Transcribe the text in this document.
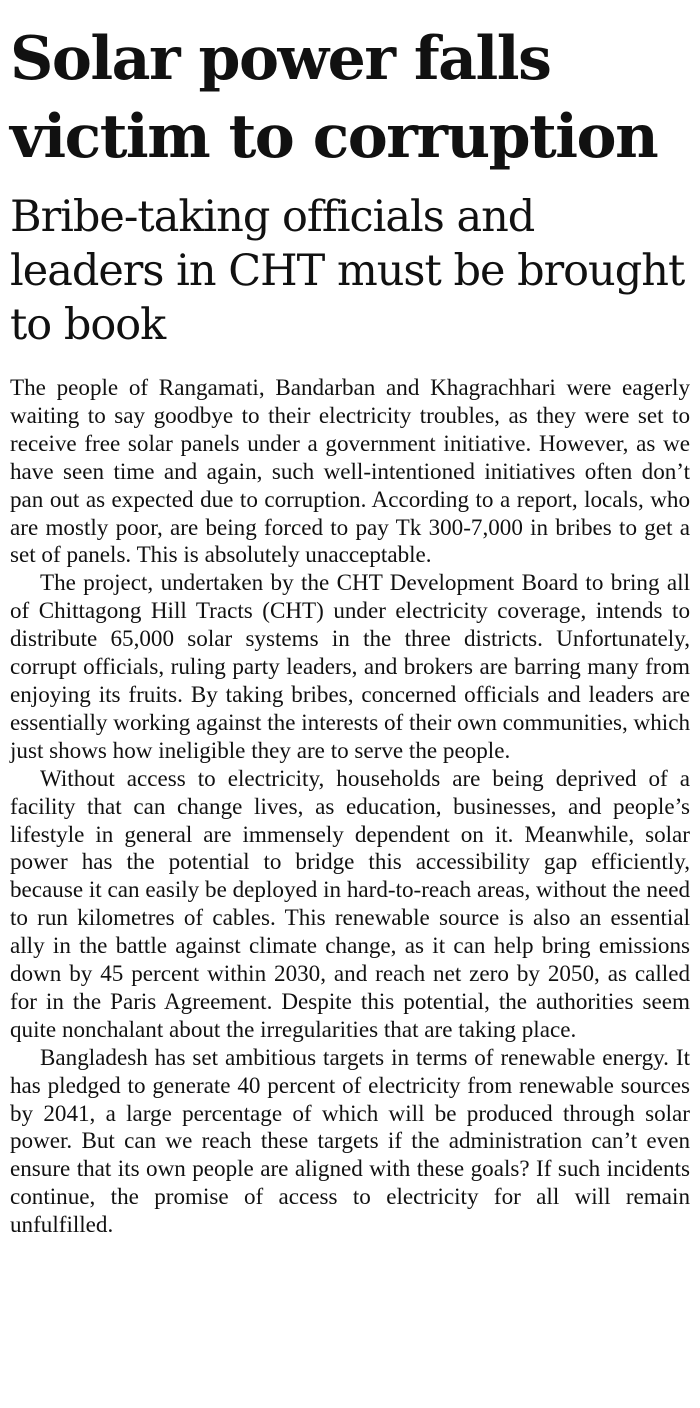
Solar power falls victim to corruption
Bribe-taking officials and leaders in CHT must be brought to book

The people of Rangamati, Bandarban and Khagrachhari were eagerly waiting to say goodbye to their electricity troubles, as they were set to receive free solar panels under a government initiative. However, as we have seen time and again, such well-intentioned initiatives often don’t pan out as expected due to corruption. According to a report, locals, who are mostly poor, are being forced to pay Tk 300-7,000 in bribes to get a set of panels. This is absolutely unacceptable.

The project, undertaken by the CHT Development Board to bring all of Chittagong Hill Tracts (CHT) under electricity coverage, intends to distribute 65,000 solar systems in the three districts. Unfortunately, corrupt officials, ruling party leaders, and brokers are barring many from enjoying its fruits. By taking bribes, concerned officials and leaders are essentially working against the interests of their own communities, which just shows how ineligible they are to serve the people.

Without access to electricity, households are being deprived of a facility that can change lives, as education, businesses, and people’s lifestyle in general are immensely dependent on it. Meanwhile, solar power has the potential to bridge this accessibility gap efficiently, because it can easily be deployed in hard-to-reach areas, without the need to run kilometres of cables. This renewable source is also an essential ally in the battle against climate change, as it can help bring emissions down by 45 percent within 2030, and reach net zero by 2050, as called for in the Paris Agreement. Despite this potential, the authorities seem quite nonchalant about the irregularities that are taking place.

Bangladesh has set ambitious targets in terms of renewable energy. It has pledged to generate 40 percent of electricity from renewable sources by 2041, a large percentage of which will be produced through solar power. But can we reach these targets if the administration can’t even ensure that its own people are aligned with these goals? If such incidents continue, the promise of access to electricity for all will remain unfulfilled.
